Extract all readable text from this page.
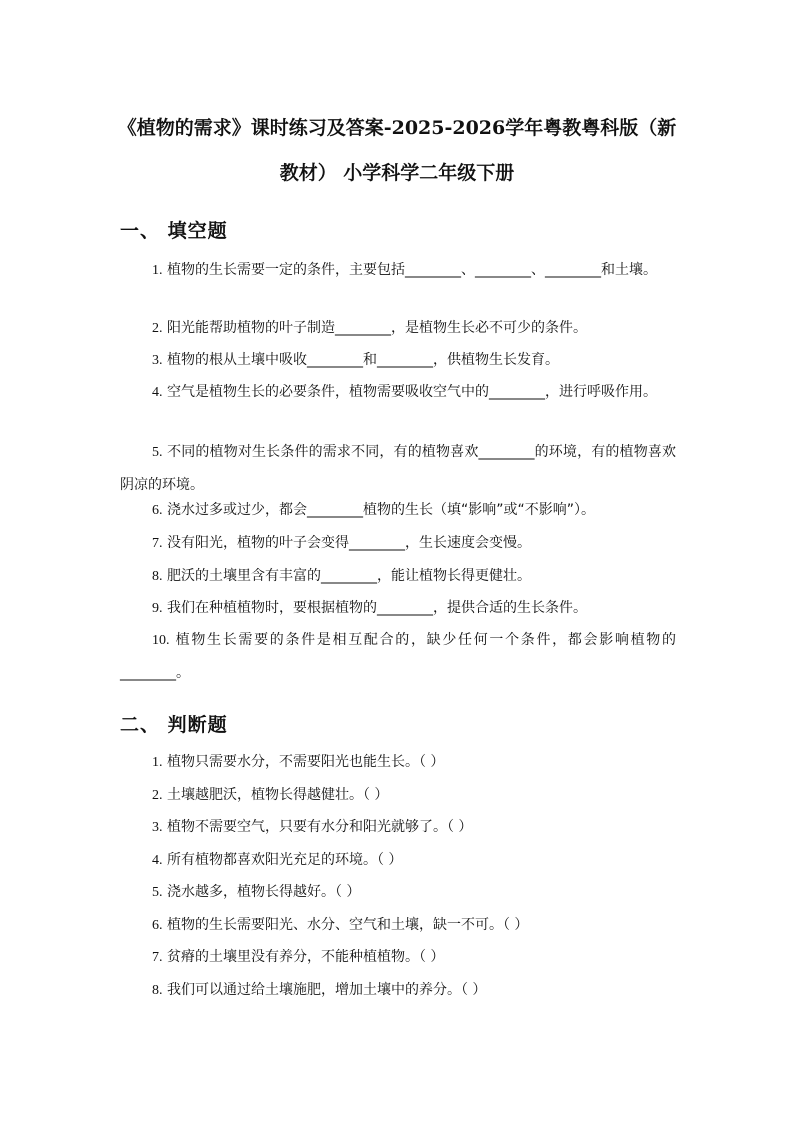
《植物的需求》课时练习及答案-2025-2026学年粤教粤科版（新教材） 小学科学二年级下册
一、 填空题
1. 植物的生长需要一定的条件，主要包括________、________、________和土壤。
2. 阳光能帮助植物的叶子制造________，是植物生长必不可少的条件。
3. 植物的根从土壤中吸收________和________，供植物生长发育。
4. 空气是植物生长的必要条件，植物需要吸收空气中的________，进行呼吸作用。
5. 不同的植物对生长条件的需求不同，有的植物喜欢________的环境，有的植物喜欢阴凉的环境。
6. 浇水过多或过少，都会________植物的生长（填“影响”或“不影响”）。
7. 没有阳光，植物的叶子会变得________，生长速度会变慢。
8. 肥沃的土壤里含有丰富的________，能让植物长得更健壮。
9. 我们在种植植物时，要根据植物的________，提供合适的生长条件。
10. 植物生长需要的条件是相互配合的，缺少任何一个条件，都会影响植物的________。
二、 判断题
1. 植物只需要水分，不需要阳光也能生长。（ ）
2. 土壤越肥沃，植物长得越健壮。（ ）
3. 植物不需要空气，只要有水分和阳光就够了。（ ）
4. 所有植物都喜欢阳光充足的环境。（ ）
5. 浇水越多，植物长得越好。（ ）
6. 植物的生长需要阳光、水分、空气和土壤，缺一不可。（ ）
7. 贫瘠的土壤里没有养分，不能种植植物。（ ）
8. 我们可以通过给土壤施肥，增加土壤中的养分。（ ）
